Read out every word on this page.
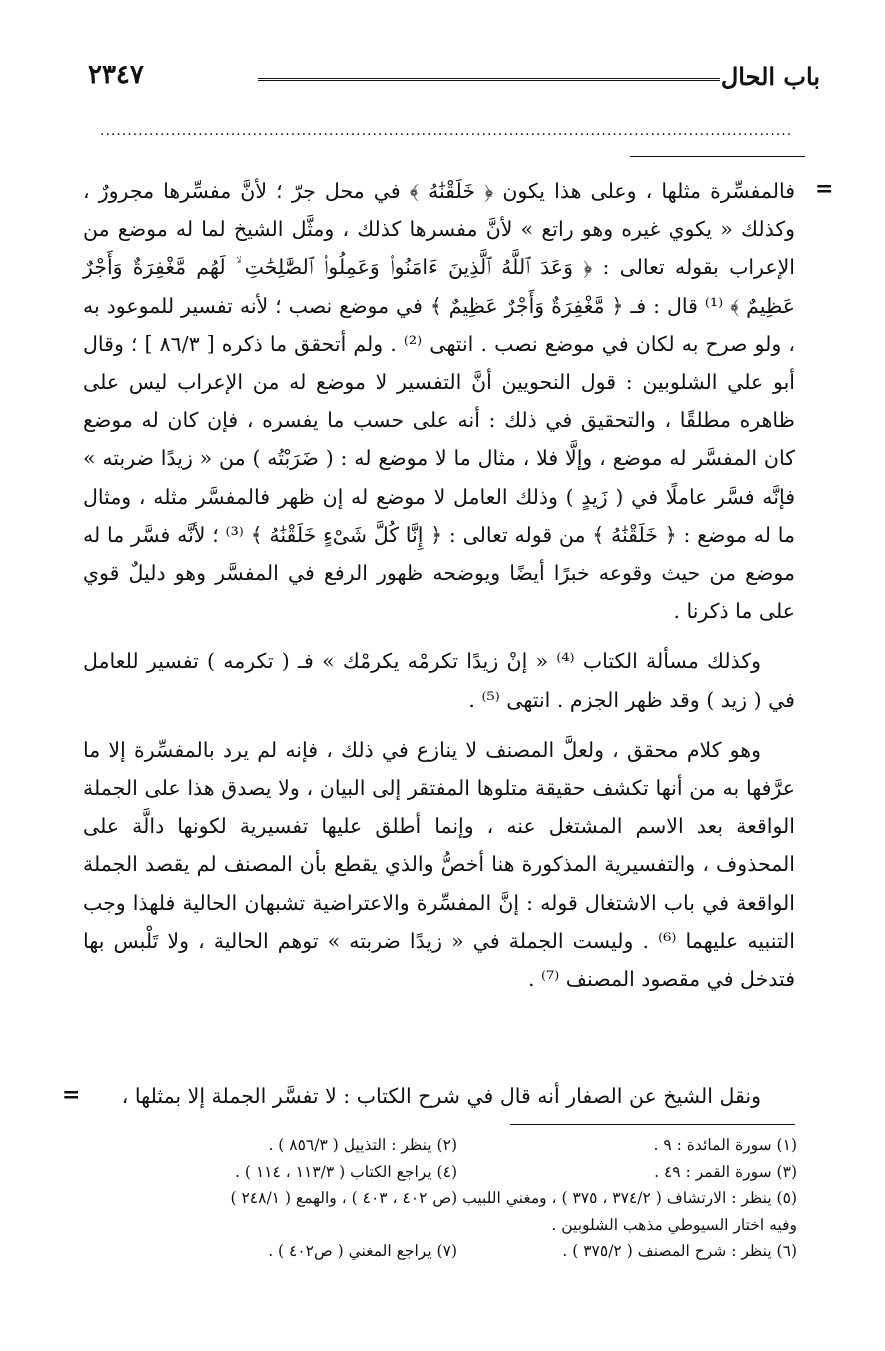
باب الحال
٢٣٤٧
...............................................................................................................................
=

فالمفسِّرة مثلها ، وعلى هذا يكون ﴿ خَلَقْنَٰهُ ﴾ في محل جرّ ؛ لأنَّ مفسِّرها مجرورٌ ، وكذلك « يكوي غيره وهو راتع » لأنَّ مفسرها كذلك ، ومثَّل الشيخ لما له موضع من الإعراب بقوله تعالى : ﴿ وَعَدَ ٱللَّهُ ٱلَّذِينَ ءَامَنُوا۟ وَعَمِلُوا۟ ٱلصَّٰلِحَٰتِ ۙ لَهُم مَّغْفِرَةٌ وَأَجْرٌ عَظِيمٌ ﴾ ⁽¹⁾ قال : فـ ﴿ مَّغْفِرَةٌ وَأَجْرٌ عَظِيمٌ ﴾ في موضع نصب ؛ لأنه تفسير للموعود به ، ولو صرح به لكان في موضع نصب . انتهى ⁽²⁾ . ولم أتحقق ما ذكره [ ٨٦/٣ ] ؛ وقال أبو علي الشلوبين : قول النحويين أنَّ التفسير لا موضع له من الإعراب ليس على ظاهره مطلقًا ، والتحقيق في ذلك : أنه على حسب ما يفسره ، فإن كان له موضع كان المفسَّر له موضع ، وإلَّا فلا ، مثال ما لا موضع له : ( ضَرَبْتُه ) من « زيدًا ضربته » فإنَّه فسَّر عاملًا في ( زَيدٍ ) وذلك العامل لا موضع له إن ظهر فالمفسَّر مثله ، ومثال ما له موضع : ﴿ خَلَقْنَٰهُ ﴾ من قوله تعالى : ﴿ إِنَّا كُلَّ شَىْءٍ خَلَقْنَٰهُ ﴾ ⁽³⁾ ؛ لأنَّه فسَّر ما له موضع من حيث وقوعه خبرًا أيضًا ويوضحه ظهور الرفع في المفسَّر وهو دليلٌ قوي على ما ذكرنا .

وكذلك مسألة الكتاب ⁽⁴⁾ « إنْ زيدًا تكرمْه يكرمْك » فـ ( تكرمه ) تفسير للعامل في ( زيد ) وقد ظهر الجزم . انتهى ⁽⁵⁾ .

وهو كلام محقق ، ولعلَّ المصنف لا ينازع في ذلك ، فإنه لم يرد بالمفسِّرة إلا ما عرَّفها به من أنها تكشف حقيقة متلوها المفتقر إلى البيان ، ولا يصدق هذا على الجملة الواقعة بعد الاسم المشتغل عنه ، وإنما أطلق عليها تفسيرية لكونها دالَّة على المحذوف ، والتفسيرية المذكورة هنا أخصُّ والذي يقطع بأن المصنف لم يقصد الجملة الواقعة في باب الاشتغال قوله : إنَّ المفسِّرة والاعتراضية تشبهان الحالية فلهذا وجب التنبيه عليهما ⁽⁶⁾ . وليست الجملة في « زيدًا ضربته » توهم الحالية ، ولا تَلْبس بها فتدخل في مقصود المصنف ⁽⁷⁾ .

ونقل الشيخ عن الصفار أنه قال في شرح الكتاب : لا تفسَّر الجملة إلا بمثلها ،
=
(١) سورة المائدة : ٩ .
(٢) ينظر : التذييل ( ٨٥٦/٣ ) .
(٣) سورة القمر : ٤٩ .
(٤) يراجع الكتاب ( ١١٣/٣ ، ١١٤ ) .
(٥) ينظر : الارتشاف ( ٣٧٤/٢ ، ٣٧٥ ) ، ومغني اللبيب (ص ٤٠٢ ، ٤٠٣ ) ، والهمع ( ٢٤٨/١ )
وفيه اختار السيوطي مذهب الشلوبين .
(٦) ينظر : شرح المصنف ( ٣٧٥/٢ ) .
(٧) يراجع المغني ( ص٤٠٢ ) .
